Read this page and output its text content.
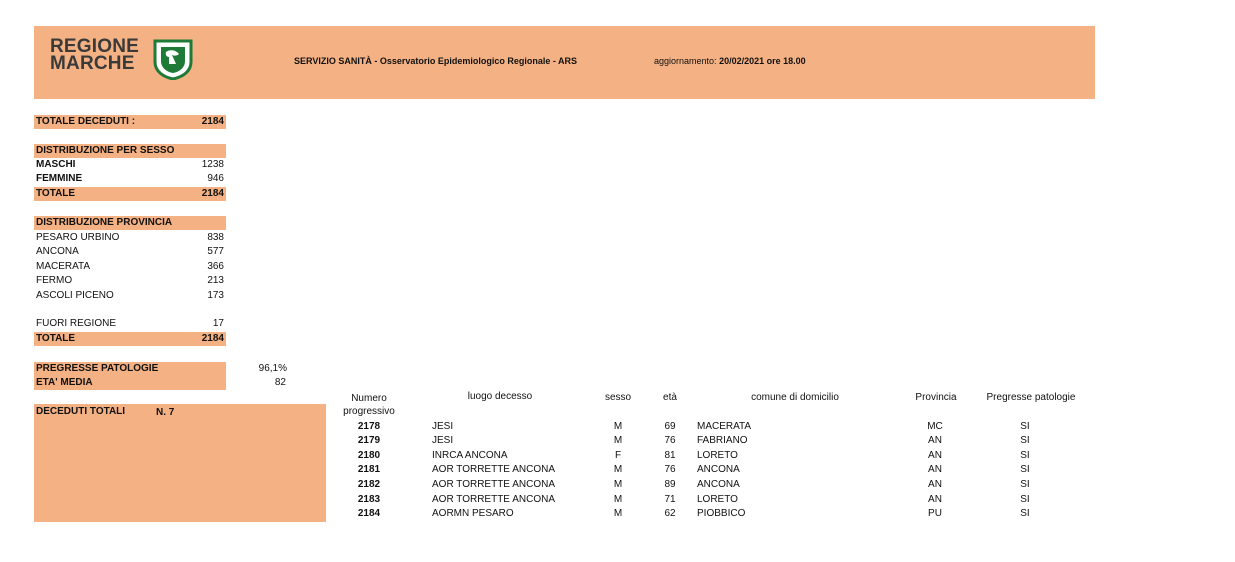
REGIONE
MARCHE	SERVIZIO SANITÀ - Osservatorio Epidemiologico Regionale - ARS	aggiornamento: 20/02/2021 ore 18.00
TOTALE DECEDUTI :	2184
DISTRIBUZIONE PER SESSO
MASCHI	1238
FEMMINE	946
TOTALE	2184
DISTRIBUZIONE PROVINCIA
PESARO URBINO	838
ANCONA	577
MACERATA	366
FERMO	213
ASCOLI PICENO	173
FUORI REGIONE	17
TOTALE	2184
PREGRESSE PATOLOGIE	96,1%
ETA' MEDIA	82
DECEDUTI TOTALI	N. 7
Numero
progressivo
luogo decesso	sesso	età	comune di domicilio	Provincia	Pregresse patologie
2178	JESI	M	69	MACERATA	MC	SI
2179	JESI	M	76	FABRIANO	AN	SI
2180	INRCA ANCONA	F	81	LORETO	AN	SI
2181	AOR TORRETTE ANCONA	M	76	ANCONA	AN	SI
2182	AOR TORRETTE ANCONA	M	89	ANCONA	AN	SI
2183	AOR TORRETTE ANCONA	M	71	LORETO	AN	SI
2184	AORMN PESARO	M	62	PIOBBICO	PU	SI
